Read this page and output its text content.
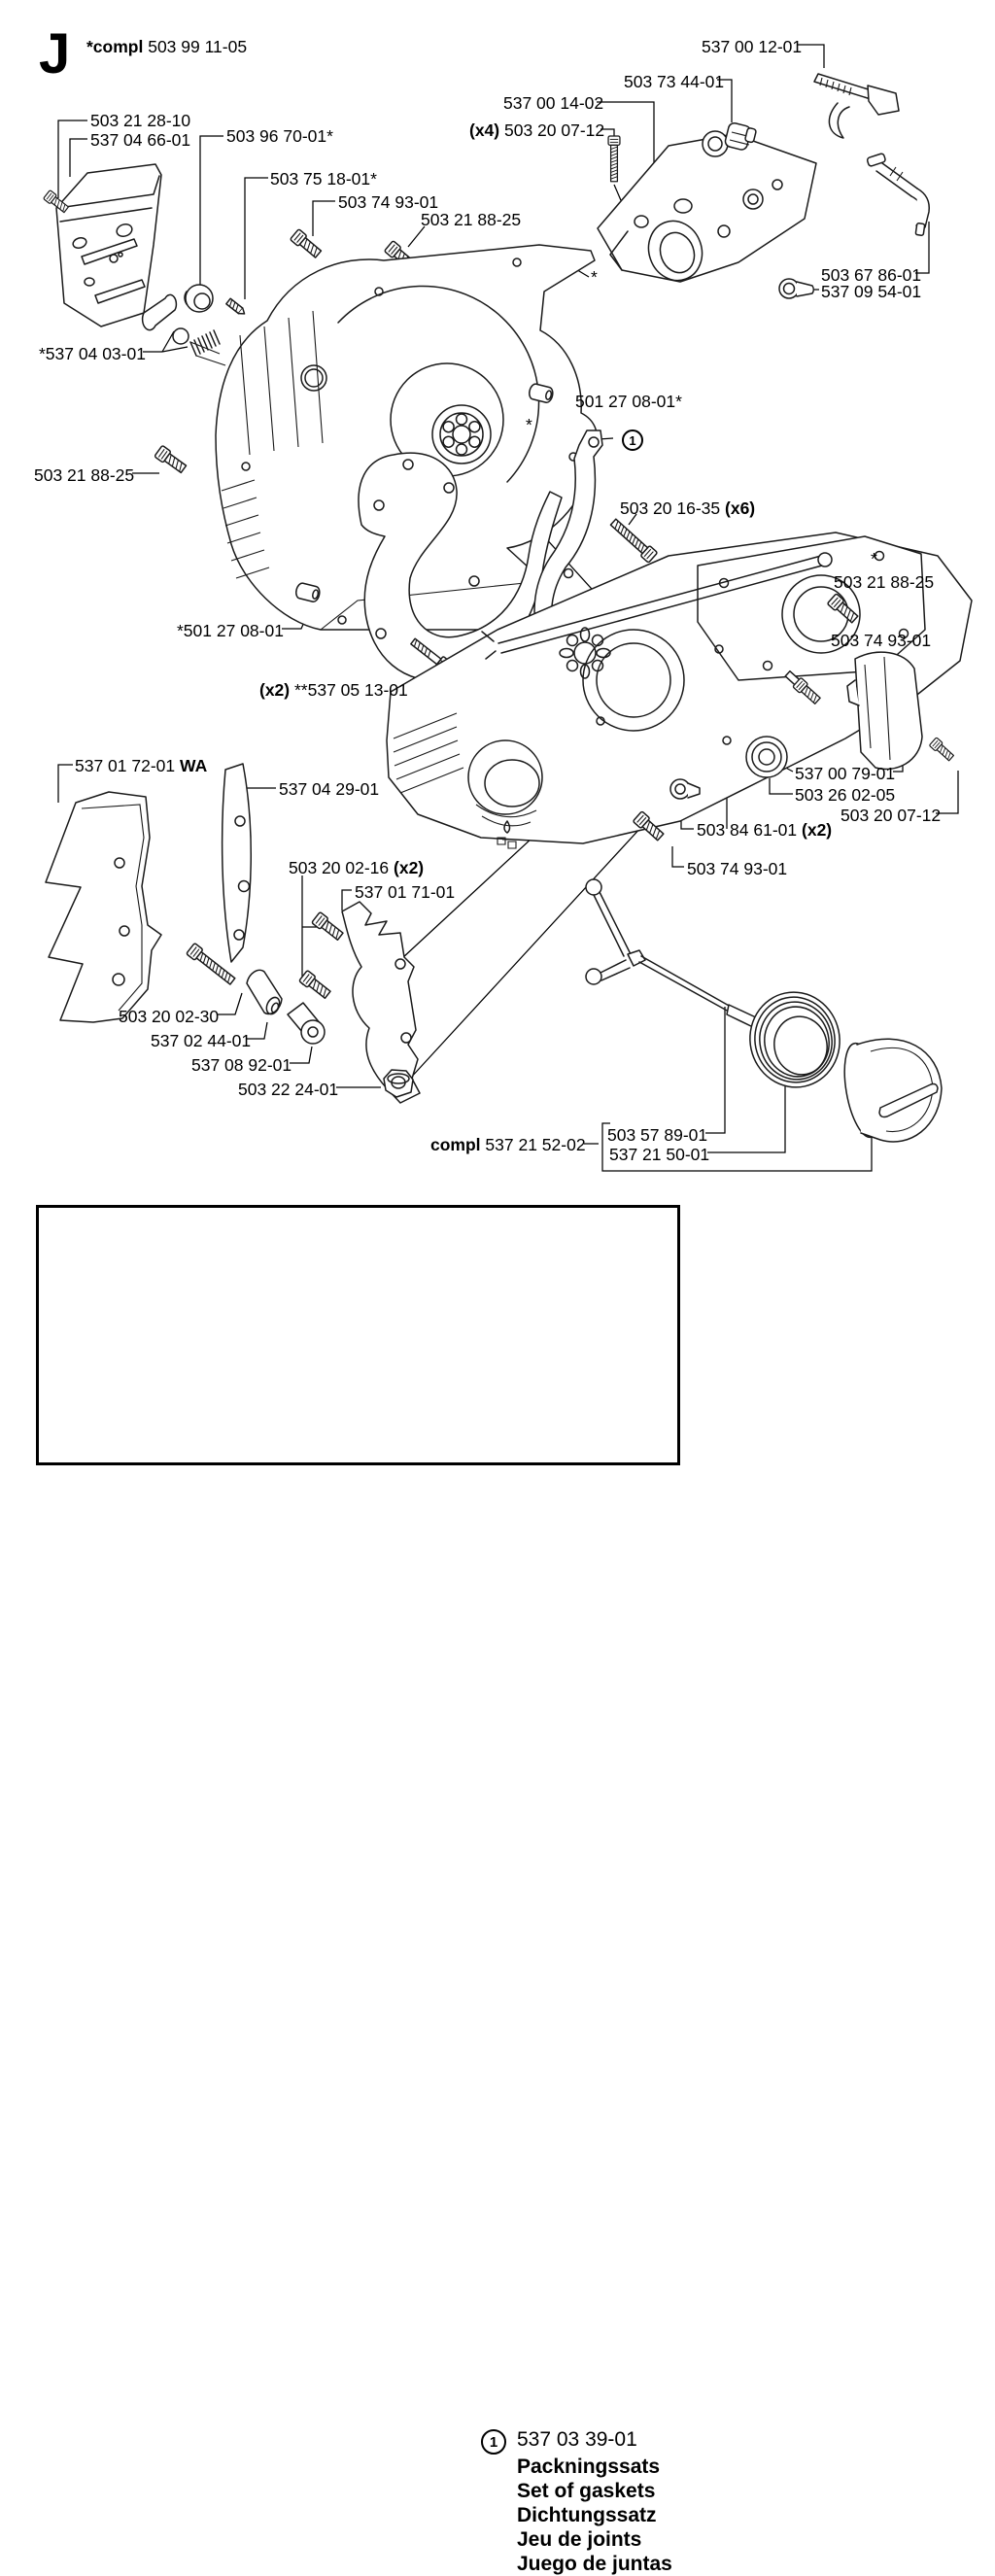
J *compl 503 99 11-05
503 21 28-10
537 04 66-01 503 96 70-01*
503 75 18-01*
503 74 93-01
503 21 88-25
537 00 12-01
503 73 44-01
537 00 14-02
(x4) 503 20 07-12
503 67 86-01
537 09 54-01
*537 04 03-01
501 27 08-01*
503 21 88-25
503 20 16-35 (x6)
*
503 21 88-25
503 74 93-01
*501 27 08-01
(x2) **537 05 13-01
537 01 72-01 WA
537 04 29-01
537 00 79-01
503 26 02-05
503 20 07-12
503 84 61-01 (x2)
503 74 93-01
503 20 02-16 (x2)
537 01 71-01
503 20 02-30
537 02 44-01
537 08 92-01
503 22 24-01
compl 537 21 52-02 503 57 89-01
537 21 50-01
*
*
1
1 537 03 39-01
Packningssats
Set of gaskets
Dichtungssatz
Jeu de joints
Juego de juntas
